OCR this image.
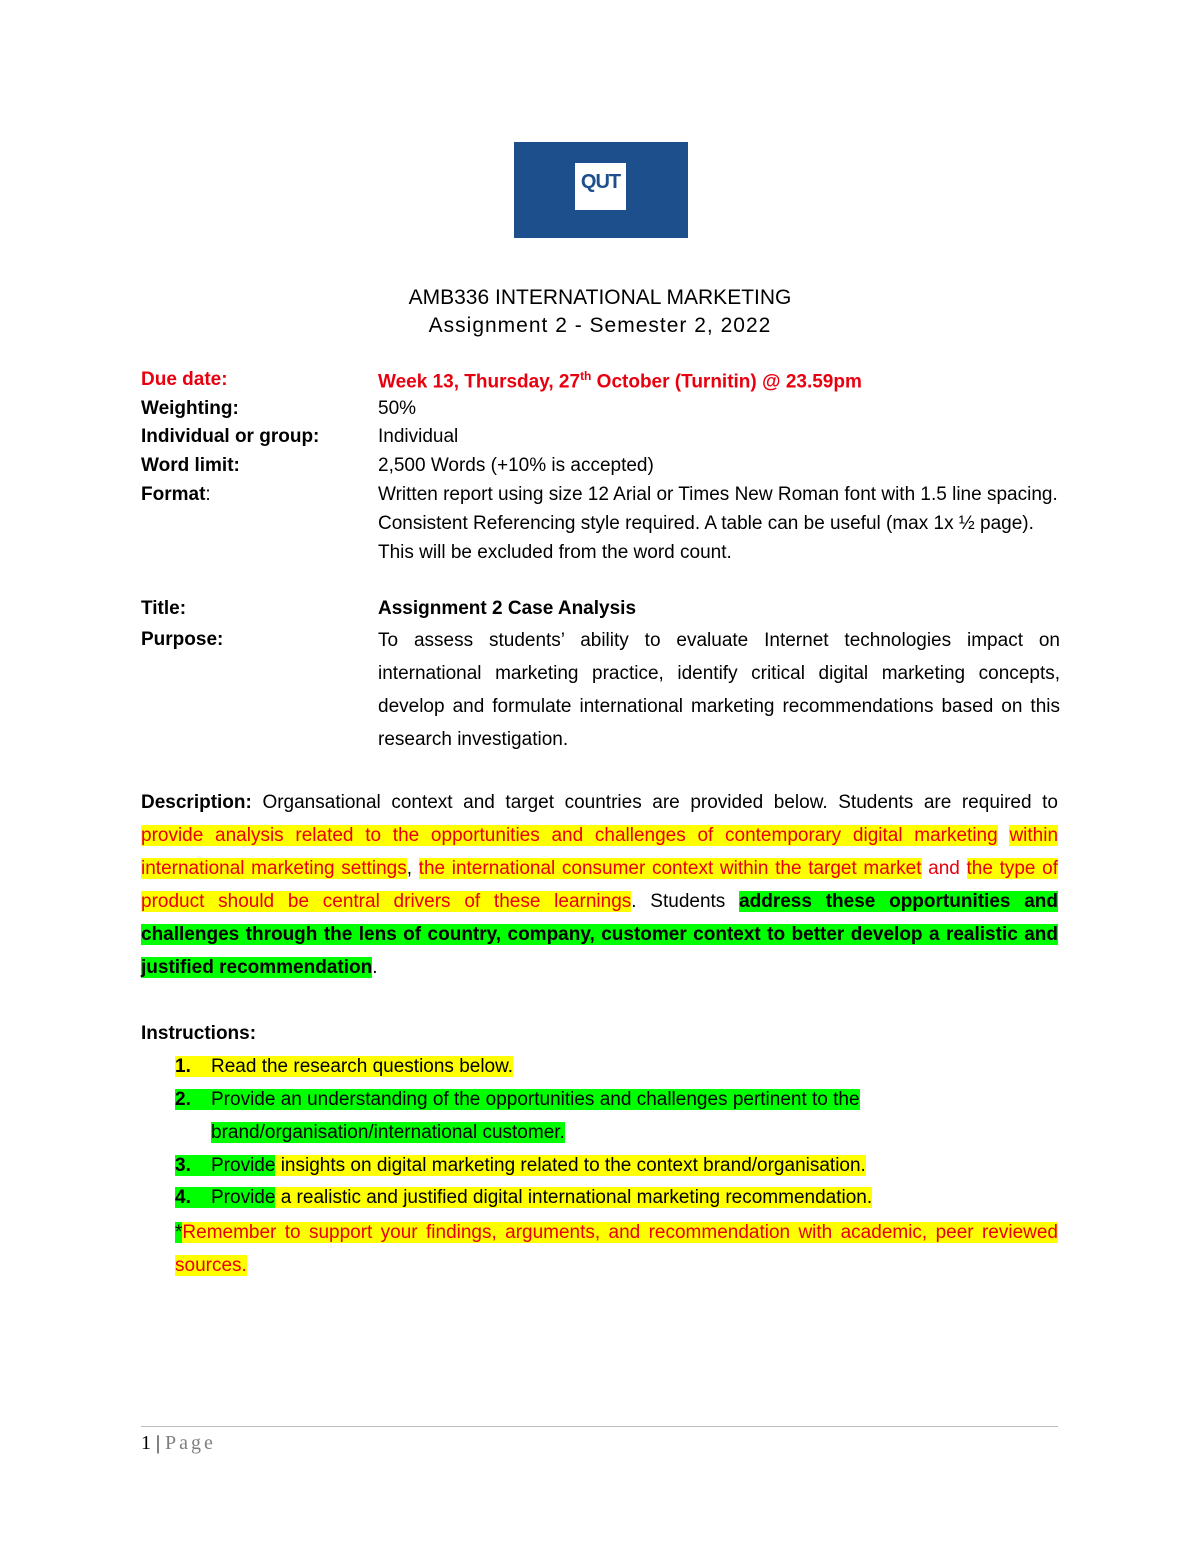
QUT
AMB336 INTERNATIONAL MARKETING
Assignment 2 - Semester 2, 2022
Due date:	Week 13, Thursday, 27th October (Turnitin) @ 23.59pm
Weighting:	50%
Individual or group:	Individual
Word limit:	2,500 Words (+10% is accepted)
Format:	Written report using size 12 Arial or Times New Roman font with 1.5 line spacing. Consistent Referencing style required. A table can be useful (max 1x ½ page). This will be excluded from the word count.
Title:	Assignment 2 Case Analysis
Purpose:	To assess students’ ability to evaluate Internet technologies impact on international marketing practice, identify critical digital marketing concepts, develop and formulate international marketing recommendations based on this research investigation.
Description: Organsational context and target countries are provided below. Students are required to provide analysis related to the opportunities and challenges of contemporary digital marketing within international marketing settings, the international consumer context within the target market and the type of product should be central drivers of these learnings. Students address these opportunities and challenges through the lens of country, company, customer context to better develop a realistic and justified recommendation.
Instructions:
1. Read the research questions below.
2. Provide an understanding of the opportunities and challenges pertinent to the
brand/organisation/international customer.
3. Provide insights on digital marketing related to the context brand/organisation.
4. Provide a realistic and justified digital international marketing recommendation.
*Remember to support your findings, arguments, and recommendation with academic, peer reviewed sources.
1 | Page
